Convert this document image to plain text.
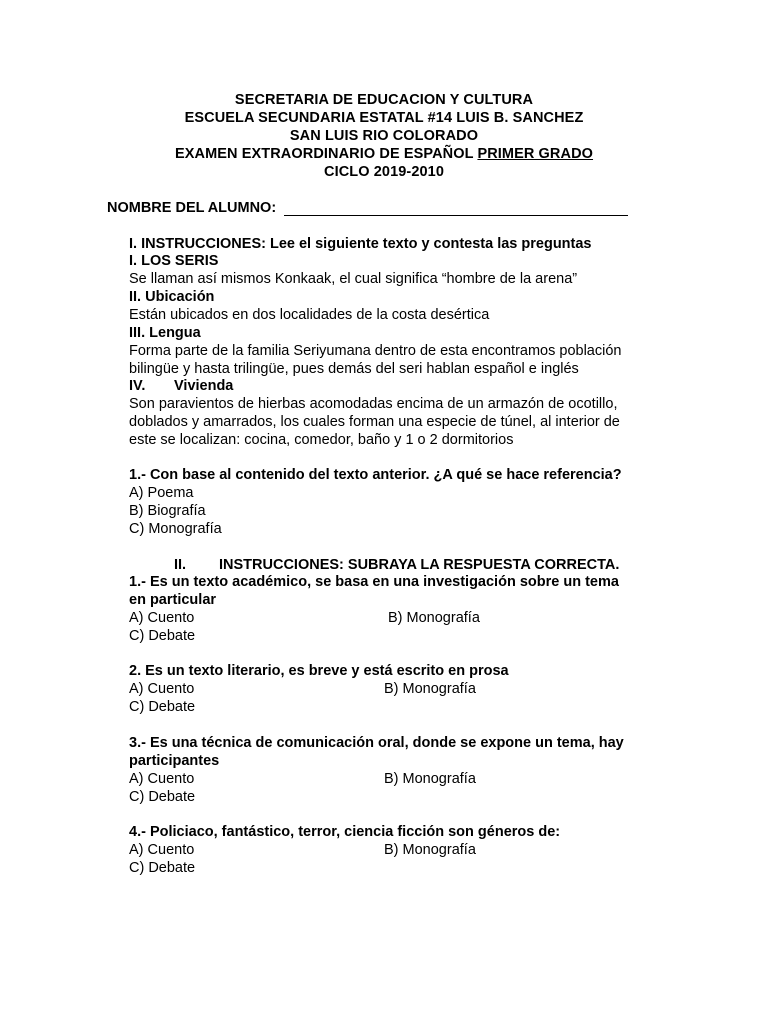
SECRETARIA DE EDUCACION Y CULTURA
ESCUELA SECUNDARIA ESTATAL #14 LUIS B. SANCHEZ
SAN LUIS RIO COLORADO
EXAMEN EXTRAORDINARIO DE ESPAÑOL PRIMER GRADO
CICLO 2019-2010
NOMBRE DEL ALUMNO:
I. INSTRUCCIONES: Lee el siguiente texto y contesta las preguntas
I. LOS SERIS
Se llaman así mismos Konkaak, el cual significa “hombre de la arena”
II. Ubicación
Están ubicados en dos localidades de la costa desértica
III. Lengua
Forma parte de la familia Seriyumana dentro de esta encontramos población
bilingüe y hasta trilingüe, pues demás del seri hablan español e inglés
IV. Vivienda
Son paravientos de hierbas acomodadas encima de un armazón de ocotillo,
doblados y amarrados, los cuales forman una especie de túnel, al interior de
este se localizan: cocina, comedor, baño y 1 o 2 dormitorios
1.- Con base al contenido del texto anterior. ¿A qué se hace referencia?
A) Poema
B) Biografía
C) Monografía
II. INSTRUCCIONES: SUBRAYA LA RESPUESTA CORRECTA.
1.- Es un texto académico, se basa en una investigación sobre un tema
en particular
A) Cuento	B) Monografía
C) Debate
2. Es un texto literario, es breve y está escrito en prosa
A) Cuento	B) Monografía
C) Debate
3.- Es una técnica de comunicación oral, donde se expone un tema, hay
participantes
A) Cuento	B) Monografía
C) Debate
4.- Policiaco, fantástico, terror, ciencia ficción son géneros de:
A) Cuento	B) Monografía
C) Debate
